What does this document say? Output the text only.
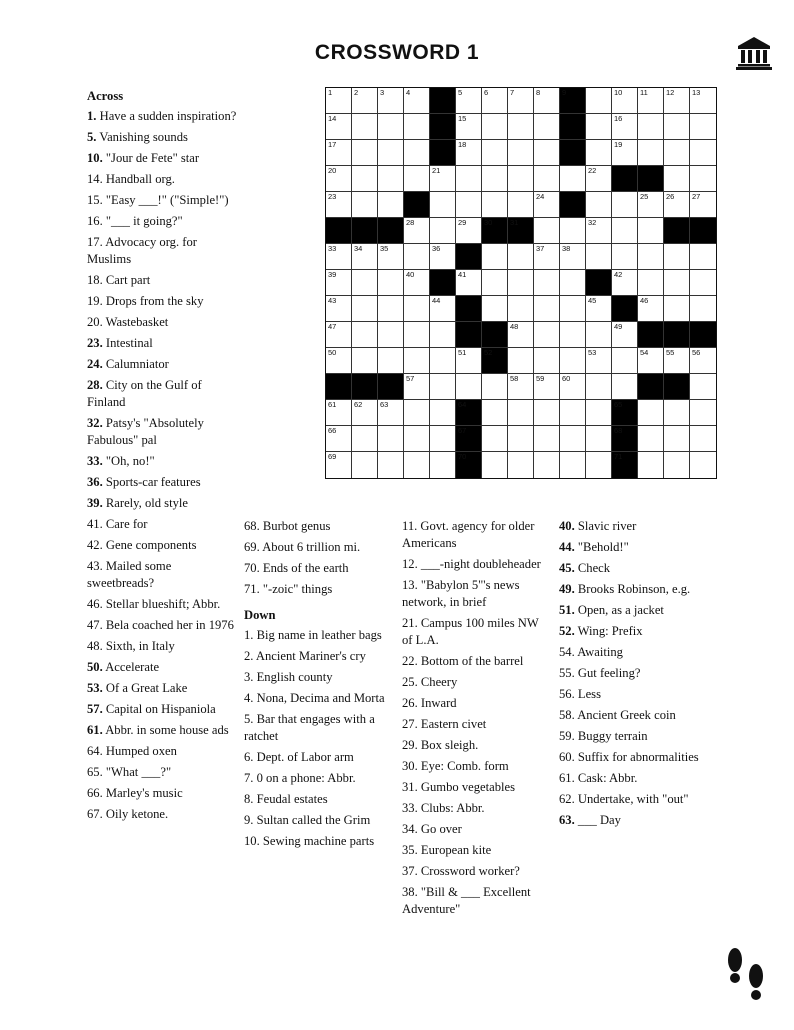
CROSSWORD 1
1	2	3	4	5	6	7	8	9	10 11 12 13
14	15	16
17	18	19
20	21	22
23	24	25 26 27
28	29 30 31	32
33 34 35	36	37 38
39	40	41	42
43	44	45	46
47	48	49
50	51 52	53	54 55 56
57	58 59 60
61 62 63	64	65
66	67	68
69	70	71
Across
1. Have a sudden inspiration?
5. Vanishing sounds
10. "Jour de Fete" star
14. Handball org.
15. "Easy ___!" ("Simple!")
16. "___ it going?"
17. Advocacy org. for Muslims
18. Cart part
19. Drops from the sky
20. Wastebasket
23. Intestinal
24. Calumniator
28. City on the Gulf of Finland
32. Patsy's "Absolutely Fabulous" pal
33. "Oh, no!"
36. Sports-car features
39. Rarely, old style
41. Care for
42. Gene components
43. Mailed some sweetbreads?
46. Stellar blueshift; Abbr.
47. Bela coached her in 1976
48. Sixth, in Italy
50. Accelerate
53. Of a Great Lake
57. Capital on Hispaniola
61. Abbr. in some house ads
64. Humped oxen
65. "What ___?"
66. Marley's music
67. Oily ketone.
68. Burbot genus
69. About 6 trillion mi.
70. Ends of the earth
71. "-zoic" things
Down
1. Big name in leather bags
2. Ancient Mariner's cry
3. English county
4. Nona, Decima and Morta
5. Bar that engages with a ratchet
6. Dept. of Labor arm
7. 0 on a phone: Abbr.
8. Feudal estates
9. Sultan called the Grim
10. Sewing machine parts
11. Govt. agency for older Americans
12. ___-night doubleheader
13. "Babylon 5"'s news network, in brief
21. Campus 100 miles NW of L.A.
22. Bottom of the barrel
25. Cheery
26. Inward
27. Eastern civet
29. Box sleigh.
30. Eye: Comb. form
31. Gumbo vegetables
33. Clubs: Abbr.
34. Go over
35. European kite
37. Crossword worker?
38. "Bill & ___ Excellent Adventure"
40. Slavic river
44. "Behold!"
45. Check
49. Brooks Robinson, e.g.
51. Open, as a jacket
52. Wing: Prefix
54. Awaiting
55. Gut feeling?
56. Less
58. Ancient Greek coin
59. Buggy terrain
60. Suffix for abnormalities
61. Cask: Abbr.
62. Undertake, with "out"
63. ___ Day
